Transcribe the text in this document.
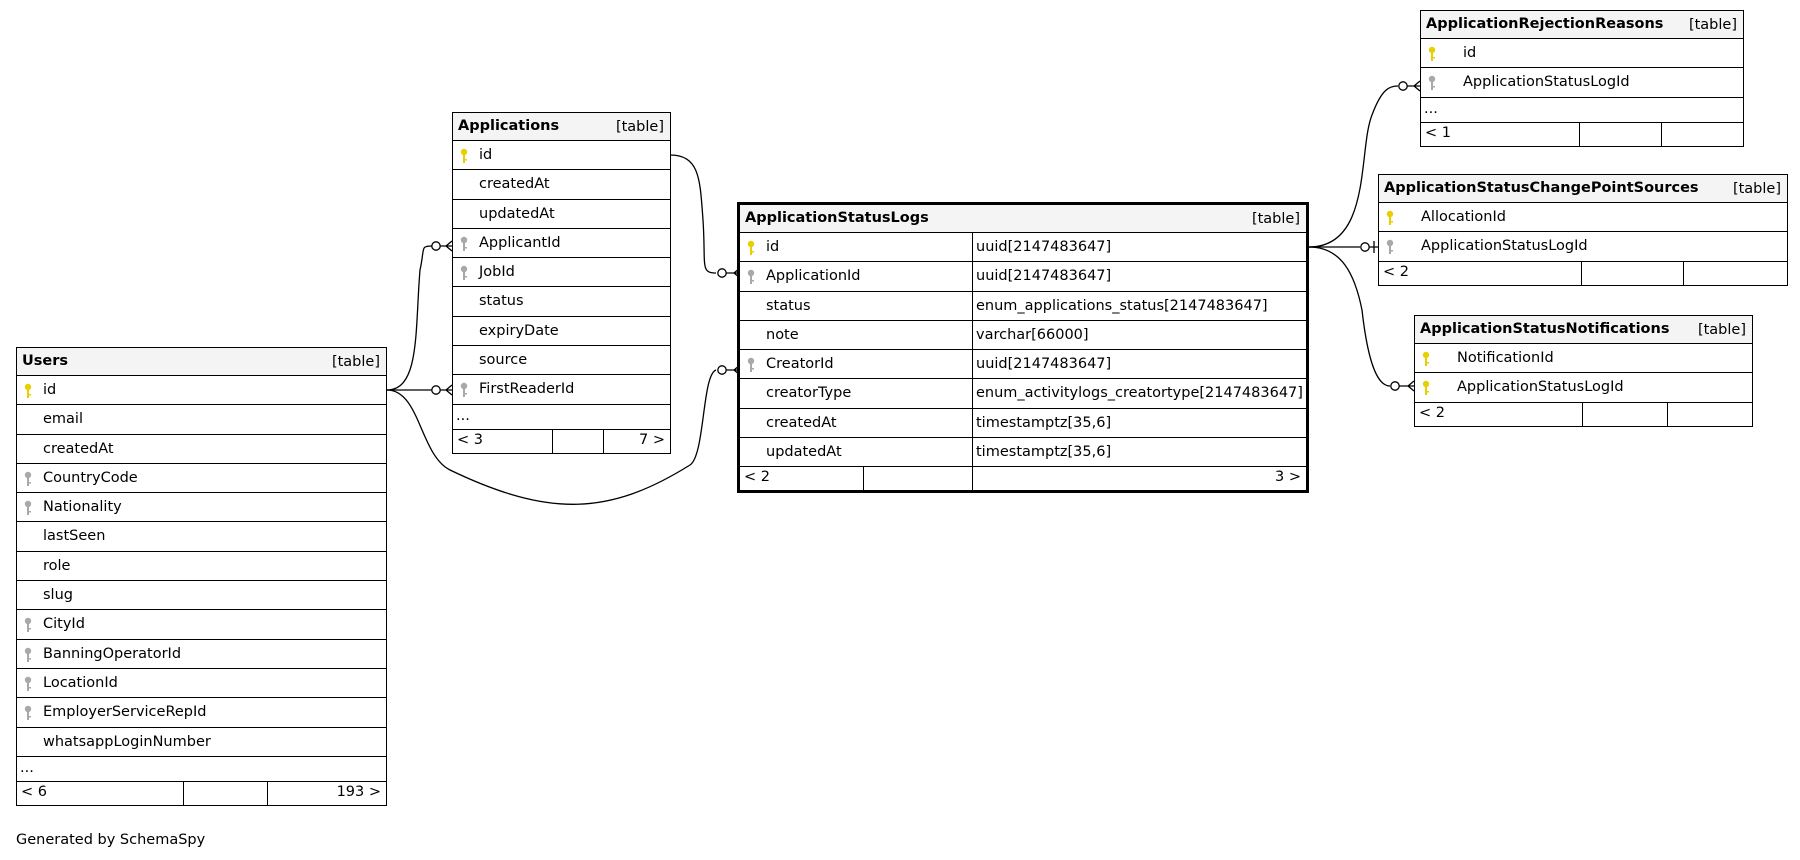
Users	[table]
id
email
createdAt
CountryCode
Nationality
lastSeen
role
slug
CityId
BanningOperatorId
LocationId
EmployerServiceRepId
whatsappLoginNumber
...
< 6	193 >
Applications	[table]
id
createdAt
updatedAt
ApplicantId
JobId
status
expiryDate
source
FirstReaderId
...
< 3	7 >
ApplicationStatusLogs	[table]
id	uuid[2147483647]
ApplicationId	uuid[2147483647]
status	enum_applications_status[2147483647]
note	varchar[66000]
CreatorId	uuid[2147483647]
creatorType	enum_activitylogs_creatortype[2147483647]
createdAt	timestamptz[35,6]
updatedAt	timestamptz[35,6]
< 2	3 >
ApplicationRejectionReasons [table]
id
ApplicationStatusLogId
...
< 1
ApplicationStatusChangePointSources [table]
AllocationId
ApplicationStatusLogId
< 2
ApplicationStatusNotifications [table]
NotificationId
ApplicationStatusLogId
< 2
Generated by SchemaSpy
